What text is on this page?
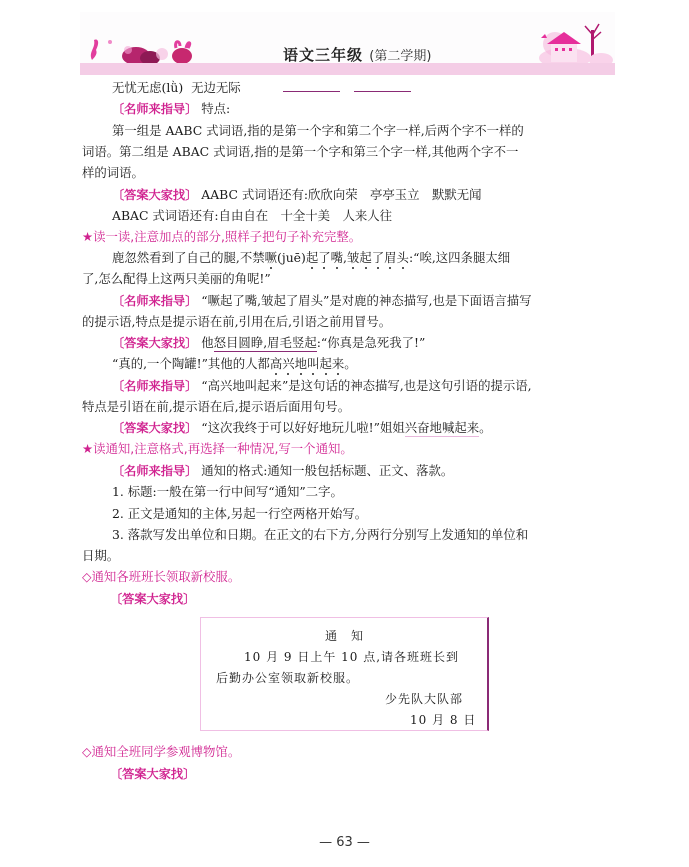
语文三年级 (第二学期)
无忧无虑(lǜ) 无边无际
〔名师来指导〕 特点:
第一组是 AABC 式词语,指的是第一个字和第二个字一样,后两个字不一样的
词语。第二组是 ABAC 式词语,指的是第一个字和第三个字一样,其他两个字不一
样的词语。
〔答案大家找〕 AABC 式词语还有:欣欣向荣　亭亭玉立　默默无闻
ABAC 式词语还有:自由自在　十全十美　人来人往
★读一读,注意加点的部分,照样子把句子补充完整。
鹿忽然看到了自己的腿,不禁噘(juē)起了嘴,皱起了眉头:“唉,这四条腿太细
了,怎么配得上这两只美丽的角呢!”
〔名师来指导〕 “噘起了嘴,皱起了眉头”是对鹿的神态描写,也是下面语言描写
的提示语,特点是提示语在前,引用在后,引语之前用冒号。
〔答案大家找〕 他怒目圆睁,眉毛竖起:“你真是急死我了!”
“真的,一个陶罐!”其他的人都高兴地叫起来。
〔名师来指导〕 “高兴地叫起来”是这句话的神态描写,也是这句引语的提示语,
特点是引语在前,提示语在后,提示语后面用句号。
〔答案大家找〕 “这次我终于可以好好地玩儿啦!”姐姐兴奋地喊起来。
★读通知,注意格式,再选择一种情况,写一个通知。
〔名师来指导〕 通知的格式:通知一般包括标题、正文、落款。
1. 标题:一般在第一行中间写“通知”二字。
2. 正文是通知的主体,另起一行空两格开始写。
3. 落款写发出单位和日期。在正文的右下方,分两行分别写上发通知的单位和
日期。
◇通知各班班长领取新校服。
〔答案大家找〕
通　知
10 月 9 日上午 10 点,请各班班长到
后勤办公室领取新校服。
少先队大队部
10 月 8 日
◇通知全班同学参观博物馆。
〔答案大家找〕
— 63 —
